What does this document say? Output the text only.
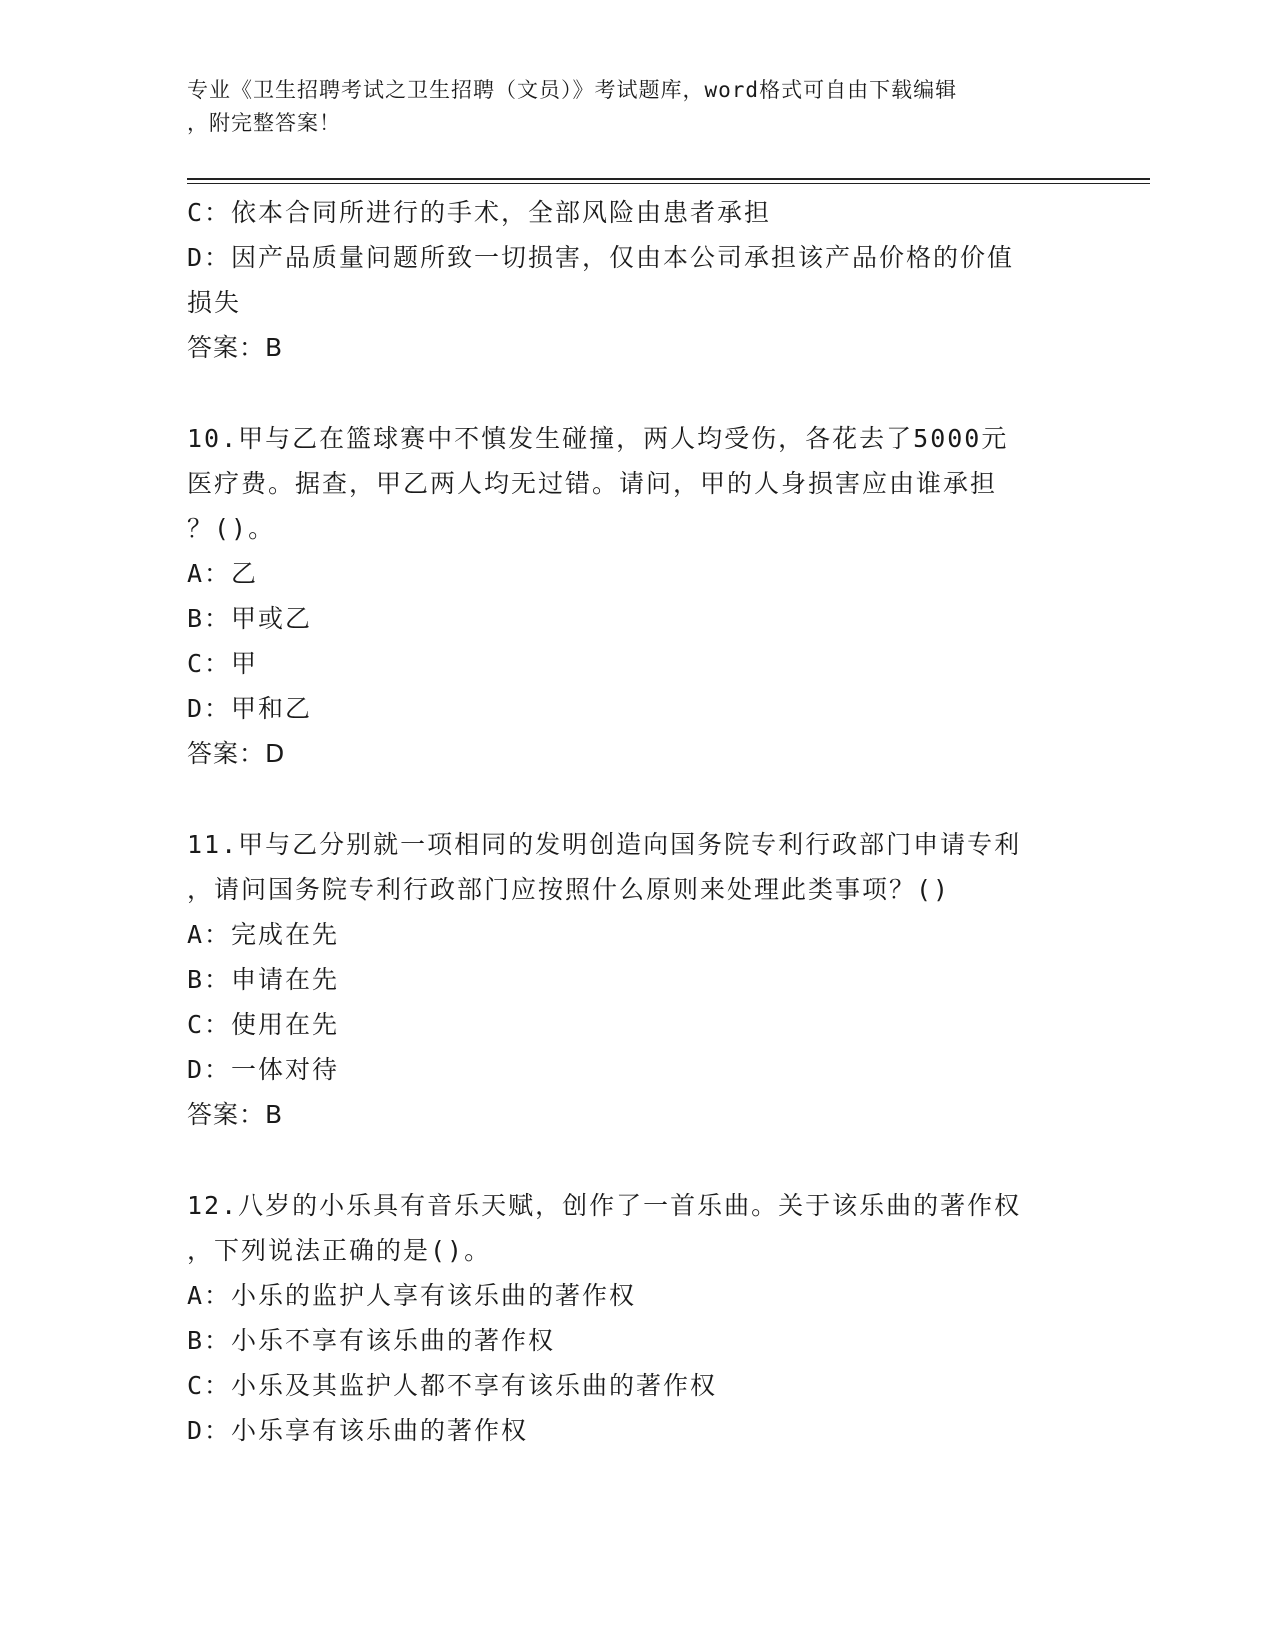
专业《卫生招聘考试之卫生招聘（文员）》考试题库，word格式可自由下载编辑
，附完整答案！
C：依本合同所进行的手术，全部风险由患者承担
D：因产品质量问题所致一切损害，仅由本公司承担该产品价格的价值
损失
答案：B
10.甲与乙在篮球赛中不慎发生碰撞，两人均受伤，各花去了5000元
医疗费。据查，甲乙两人均无过错。请问，甲的人身损害应由谁承担
？()。
A：乙
B：甲或乙
C：甲
D：甲和乙
答案：D
11.甲与乙分别就一项相同的发明创造向国务院专利行政部门申请专利
，请问国务院专利行政部门应按照什么原则来处理此类事项？()
A：完成在先
B：申请在先
C：使用在先
D：一体对待
答案：B
12.八岁的小乐具有音乐天赋，创作了一首乐曲。关于该乐曲的著作权
，下列说法正确的是()。
A：小乐的监护人享有该乐曲的著作权
B：小乐不享有该乐曲的著作权
C：小乐及其监护人都不享有该乐曲的著作权
D：小乐享有该乐曲的著作权
